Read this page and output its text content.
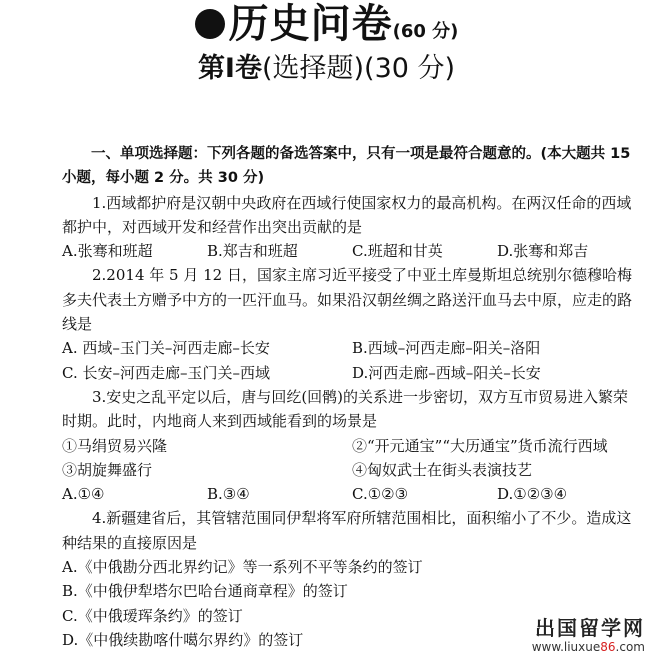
历史问卷(60 分)
第Ⅰ卷(选择题)(30 分)

一、单项选择题：下列各题的备选答案中，只有一项是最符合题意的。(本大题共 15 小题，每小题 2 分。共 30 分)

1.西域都护府是汉朝中央政府在西域行使国家权力的最高机构。在两汉任命的西域都护中，对西域开发和经营作出突出贡献的是

A.张骞和班超	B.郑吉和班超	C.班超和甘英	D.张骞和郑吉

2.2014 年 5 月 12 日，国家主席习近平接受了中亚土库曼斯坦总统别尔德穆哈梅多夫代表土方赠予中方的一匹汗血马。如果沿汉朝丝绸之路送汗血马去中原，应走的路线是

A. 西域–玉门关–河西走廊–长安	B.西域–河西走廊–阳关–洛阳
C. 长安–河西走廊–玉门关–西域	D.河西走廊–西域–阳关–长安

3.安史之乱平定以后，唐与回纥(回鹘)的关系进一步密切，双方互市贸易进入繁荣时期。此时，内地商人来到西域能看到的场景是

①马绢贸易兴隆	②“开元通宝”“大历通宝”货币流行西域
③胡旋舞盛行	④匈奴武士在街头表演技艺
A.①④	B.③④	C.①②③	D.①②③④

4.新疆建省后，其管辖范围同伊犁将军府所辖范围相比，面积缩小了不少。造成这种结果的直接原因是

A.《中俄勘分西北界约记》等一系列不平等条约的签订
B.《中俄伊犁塔尔巴哈台通商章程》的签订
C.《中俄瑷珲条约》的签订
D.《中俄续勘喀什噶尔界约》的签订	出国留学网
www.liuxue86.com
